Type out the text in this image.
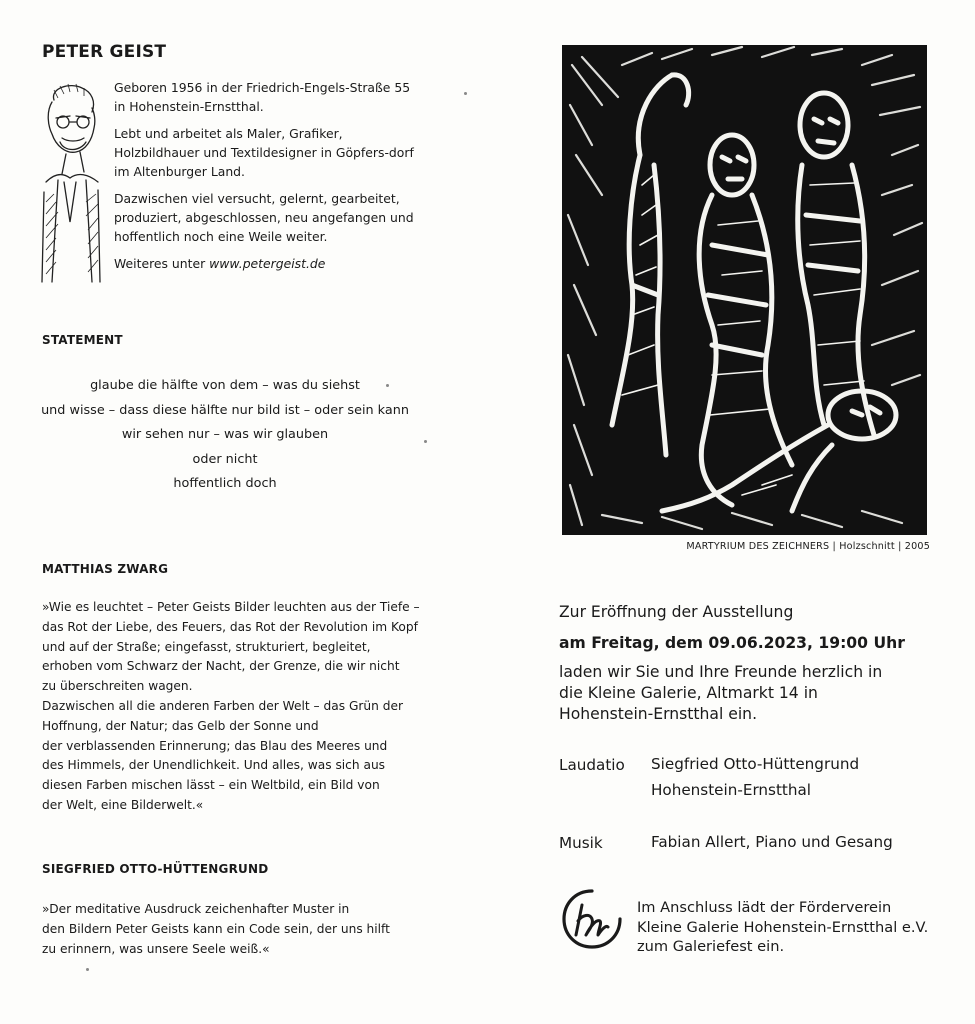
PETER GEIST

Geboren 1956 in der Friedrich-Engels-Straße 55 in Hohenstein-Ernstthal.

Lebt und arbeitet als Maler, Grafiker, Holzbildhauer und Textildesigner in Göpfers-dorf im Altenburger Land.

Dazwischen viel versucht, gelernt, gearbeitet, produziert, abgeschlossen, neu angefangen und hoffentlich noch eine Weile weiter.

Weiteres unter www.petergeist.de

STATEMENT
glaube die hälfte von dem – was du siehst
und wisse – dass diese hälfte nur bild ist – oder sein kann
wir sehen nur – was wir glauben
oder nicht
hoffentlich doch
MATTHIAS ZWARG
»Wie es leuchtet – Peter Geists Bilder leuchten aus der Tiefe –
das Rot der Liebe, des Feuers, das Rot der Revolution im Kopf
und auf der Straße; eingefasst, strukturiert, begleitet,
erhoben vom Schwarz der Nacht, der Grenze, die wir nicht
zu überschreiten wagen.
Dazwischen all die anderen Farben der Welt – das Grün der
Hoffnung, der Natur; das Gelb der Sonne und
der verblassenden Erinnerung; das Blau des Meeres und
des Himmels, der Unendlichkeit. Und alles, was sich aus
diesen Farben mischen lässt – ein Weltbild, ein Bild von
der Welt, eine Bilderwelt.«
SIEGFRIED OTTO-HÜTTENGRUND
»Der meditative Ausdruck zeichenhafter Muster in
den Bildern Peter Geists kann ein Code sein, der uns hilft
zu erinnern, was unsere Seele weiß.«
MARTYRIUM DES ZEICHNERS | Holzschnitt | 2005
Zur Eröffnung der Ausstellung
am Freitag, dem 09.06.2023, 19:00 Uhr
laden wir Sie und Ihre Freunde herzlich in
die Kleine Galerie, Altmarkt 14 in
Hohenstein-Ernstthal ein.
Laudatio Siegfried Otto-Hüttengrund
Hohenstein-Ernstthal
Musik	Fabian Allert, Piano und Gesang
Im Anschluss lädt der Förderverein
Kleine Galerie Hohenstein-Ernstthal e.V.
zum Galeriefest ein.
